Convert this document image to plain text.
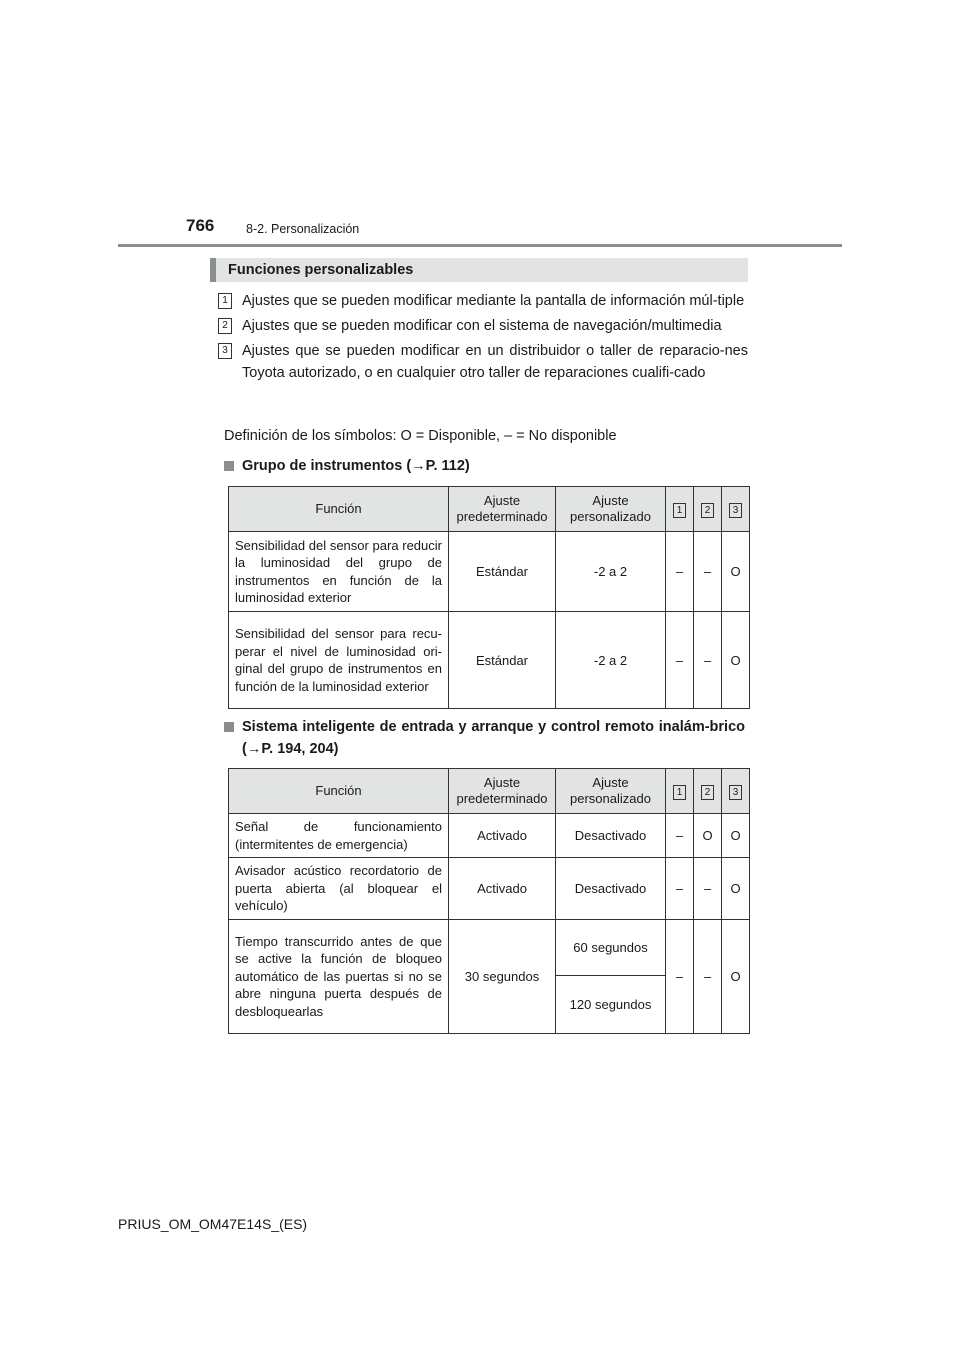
766	8-2. Personalización
Funciones personalizables
1 Ajustes que se pueden modificar mediante la pantalla de información múl-tiple
2 Ajustes que se pueden modificar con el sistema de navegación/multimedia
3 Ajustes que se pueden modificar en un distribuidor o taller de reparacio-nes Toyota autorizado, o en cualquier otro taller de reparaciones cualifi-cado
Definición de los símbolos: O = Disponible, – = No disponible
Grupo de instrumentos (→P. 112)
Función	Ajuste predeterminado	Ajuste personalizado	1	2	3
Sensibilidad del sensor para reducir la luminosidad del grupo de instrumentos en función de la luminosidad exterior	Estándar	-2 a 2	–	–	O
Sensibilidad del sensor para recu-perar el nivel de luminosidad ori-ginal del grupo de instrumentos en función de la luminosidad exterior	Estándar	-2 a 2	–	–	O
Sistema inteligente de entrada y arranque y control remoto inalám-brico (→P. 194, 204)
Función	Ajuste predeterminado	Ajuste personalizado	1	2	3
Señal de funcionamiento (intermitentes de emergencia)	Activado	Desactivado	–	O	O
Avisador acústico recordatorio de puerta abierta (al bloquear el vehículo)	Activado	Desactivado	–	–	O
Tiempo transcurrido antes de que se active la función de bloqueo automático de las puertas si no se abre ninguna puerta después de desbloquearlas	30 segundos	60 segundos	–	–	O
		120 segundos			
PRIUS_OM_OM47E14S_(ES)
